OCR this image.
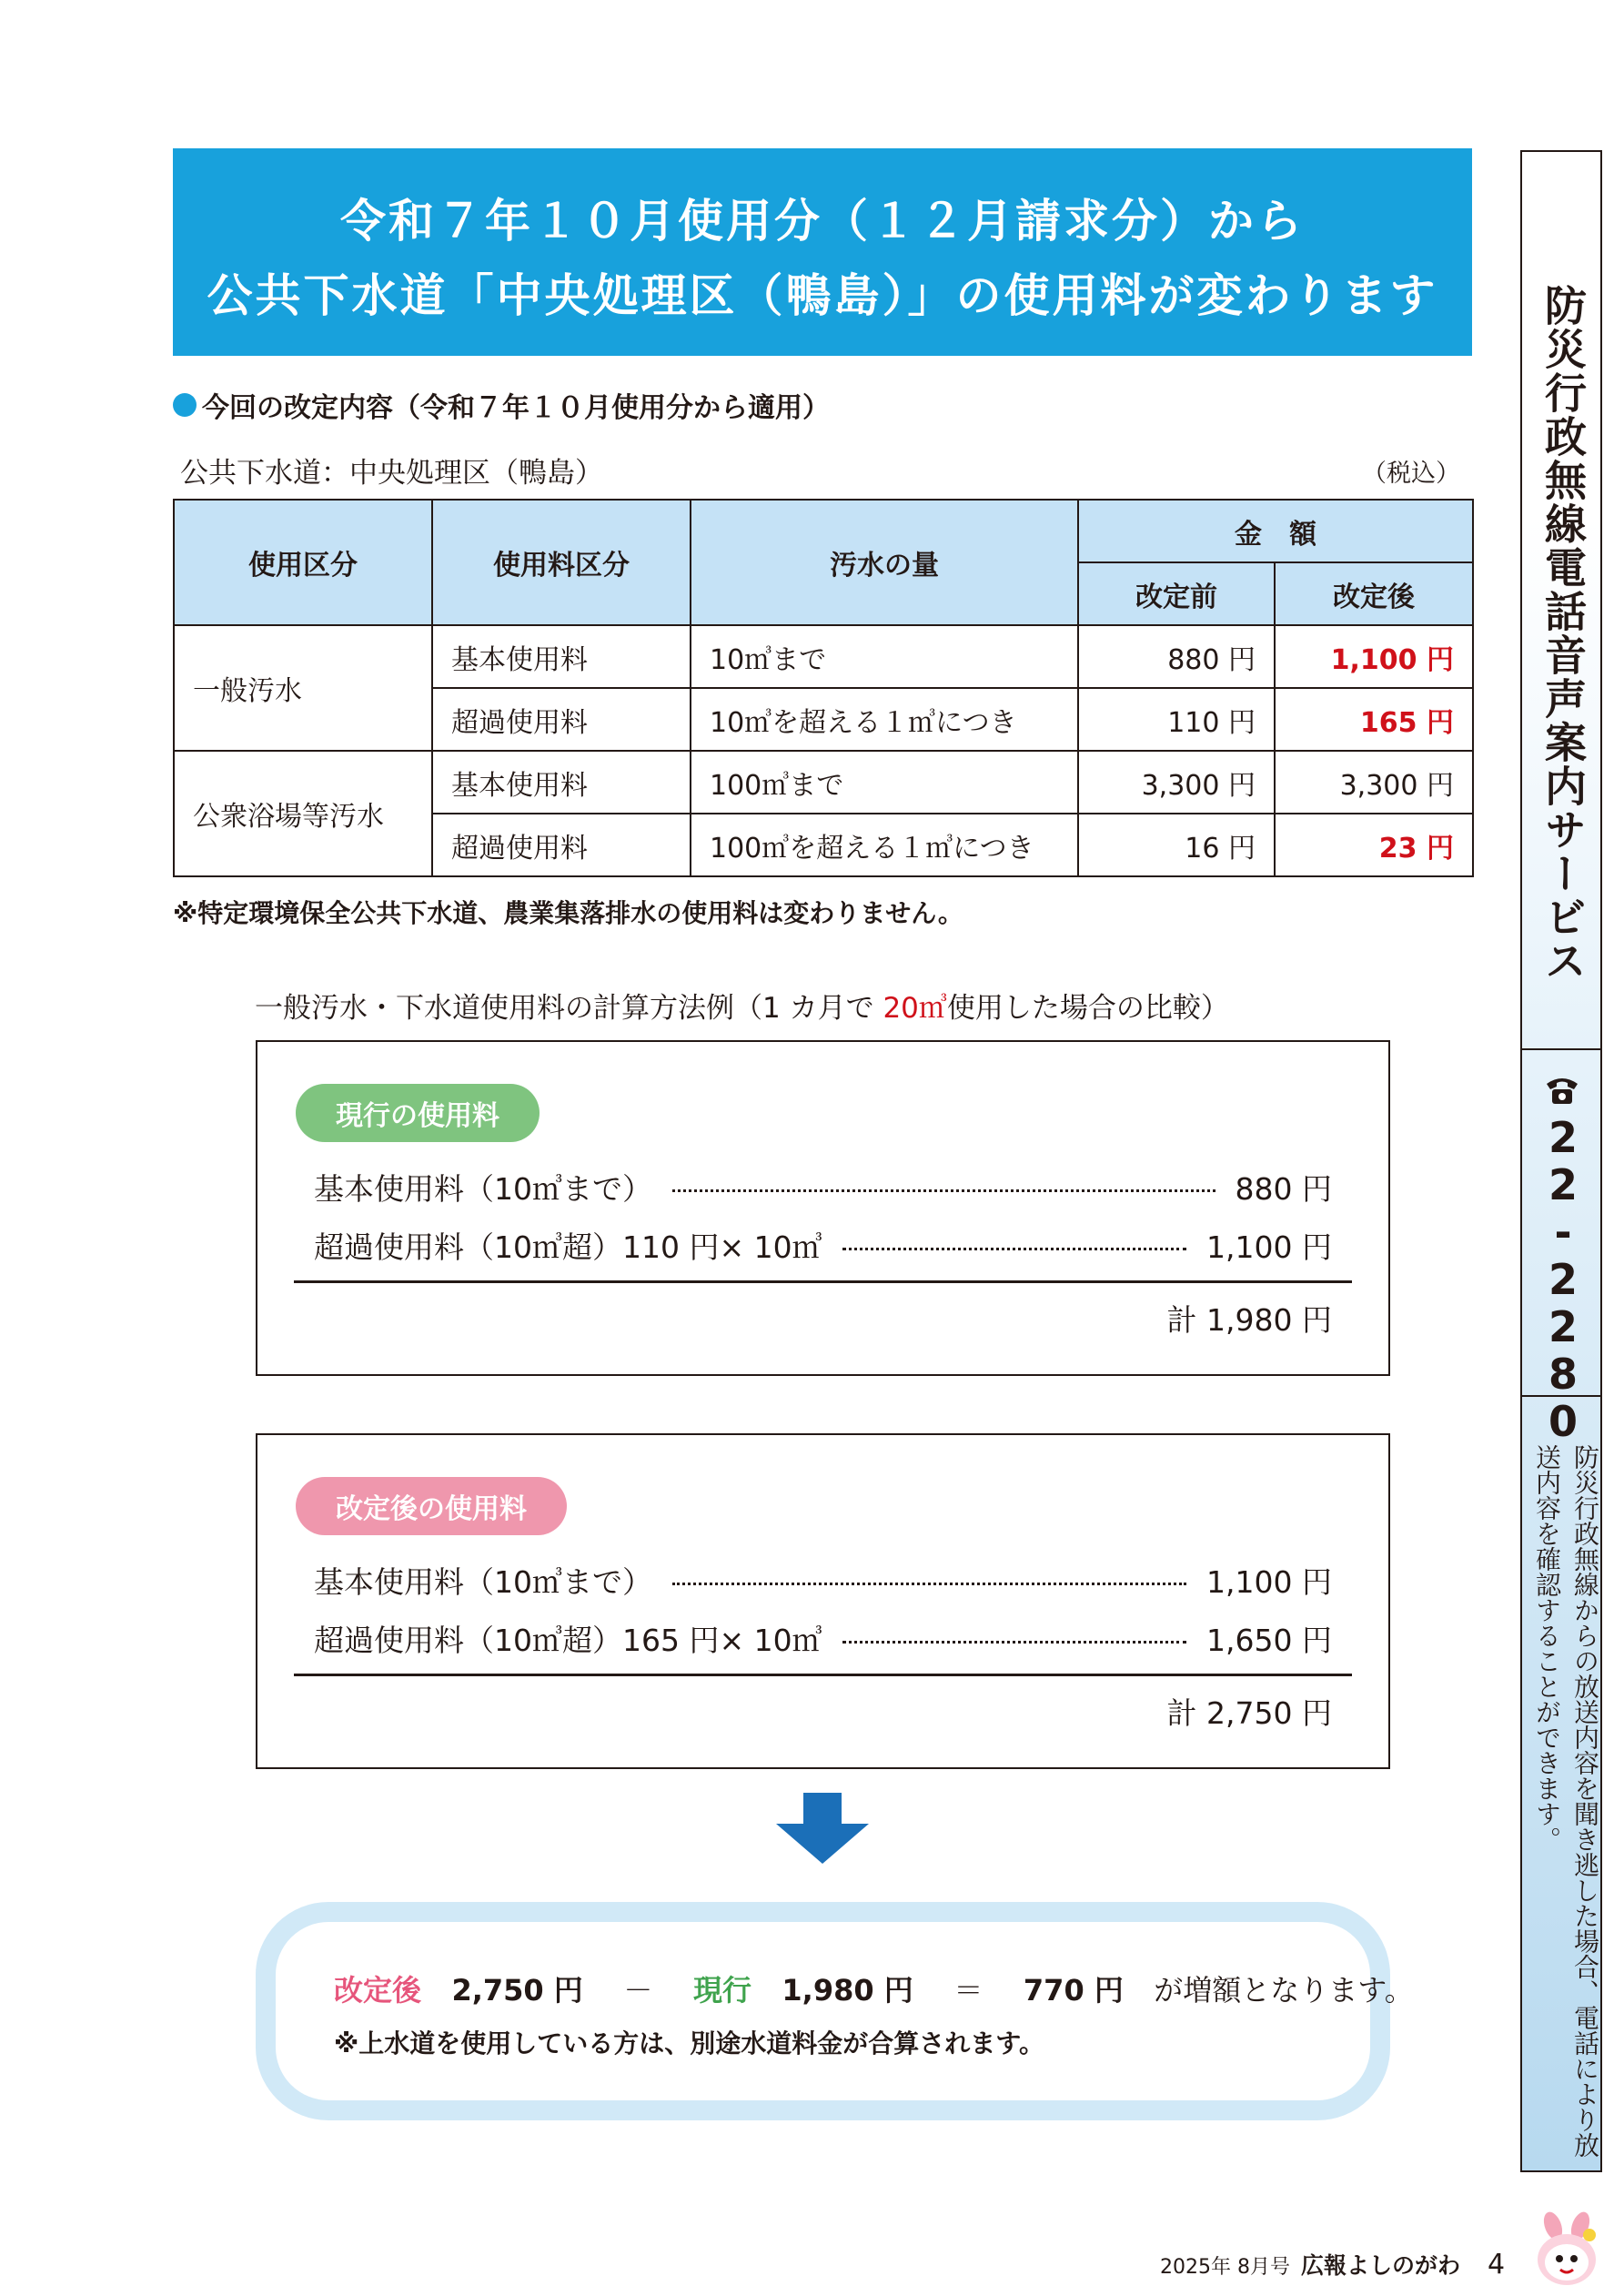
令和７年１０月使用分（１２月請求分）から
公共下水道「中央処理区（鴨島）」の使用料が変わります
今回の改定内容（令和７年１０月使用分から適用）
公共下水道：中央処理区（鴨島）	（税込）
使用区分	使用料区分	汚水の量	金　額	
			改定前	改定後
一般汚水	基本使用料	10㎥まで	880 円	1,100 円
	超過使用料	10㎥を超える１㎥につき	110 円	165 円
公衆浴場等汚水	基本使用料	100㎥まで	3,300 円	3,300 円
	超過使用料	100㎥を超える１㎥につき	16 円	23 円
※特定環境保全公共下水道、農業集落排水の使用料は変わりません。
一般汚水・下水道使用料の計算方法例（1 カ月で 20㎥使用した場合の比較）
現行の使用料
基本使用料（10㎥まで）	880 円
超過使用料（10㎥超）110 円× 10㎥	1,100 円
計 1,980 円
改定後の使用料
基本使用料（10㎥まで）	1,100 円
超過使用料（10㎥超）165 円× 10㎥	1,650 円
計 2,750 円
改定後 2,750 円 － 現行 1,980 円 ＝ 770 円 が増額となります。
※上水道を使用している方は、別途水道料金が合算されます。
防災行政無線電話音声案内サービス
22-2280
防災行政無線からの放送内容を聞き逃した場合、電話により放送内容を確認することができます。
2025年 8月号 広報よしのがわ 4
